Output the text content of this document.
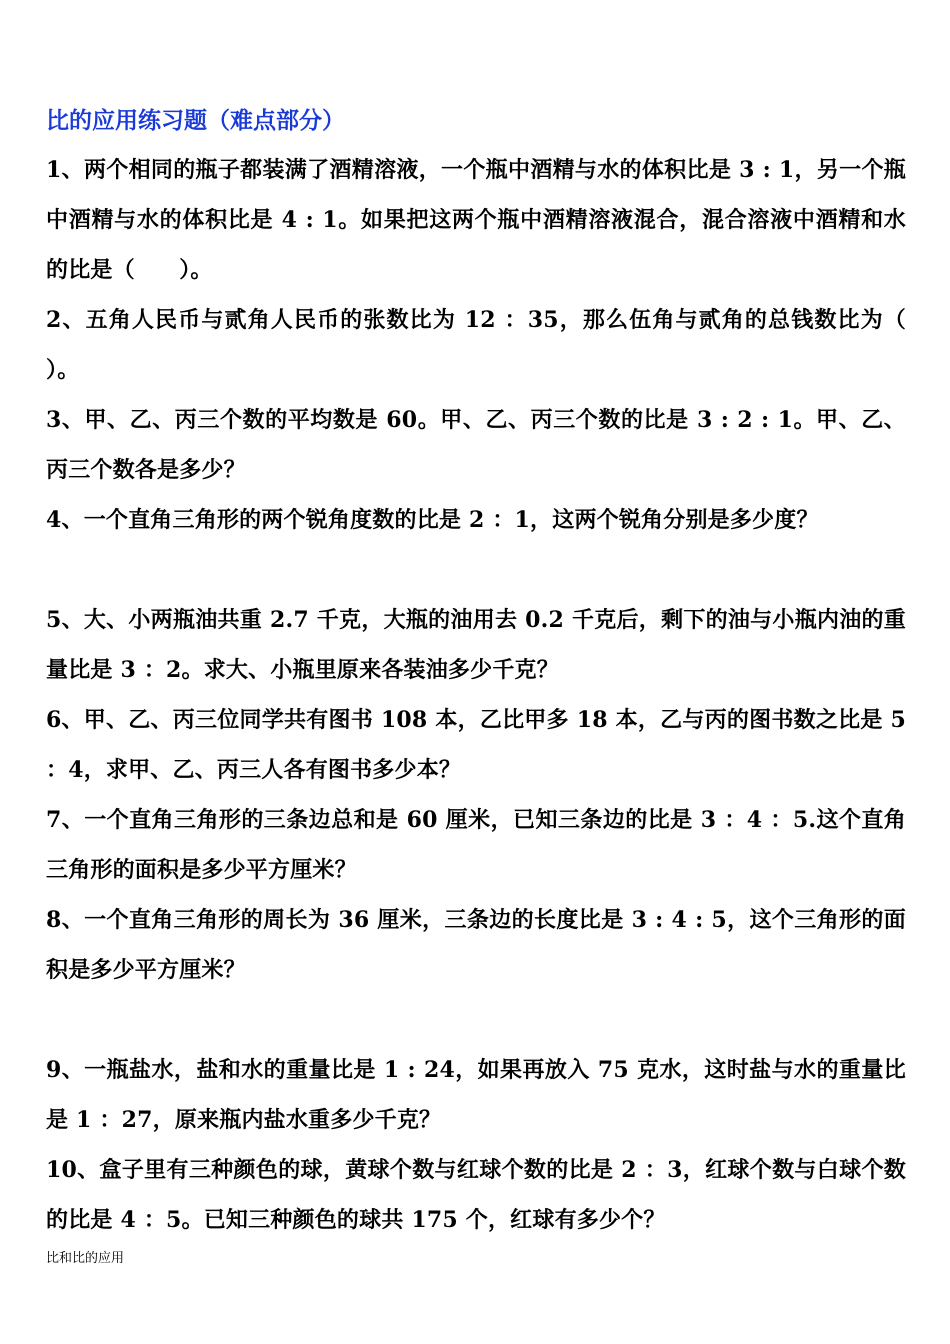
比的应用练习题（难点部分）

1、两个相同的瓶子都装满了酒精溶液，一个瓶中酒精与水的体积比是 3 : 1，另一个瓶中酒精与水的体积比是 4 : 1。如果把这两个瓶中酒精溶液混合，混合溶液中酒精和水的比是（　　）。

2、五角人民币与贰角人民币的张数比为 12 ：35，那么伍角与贰角的总钱数比为（ ）。

3、甲、乙、丙三个数的平均数是 60。甲、乙、丙三个数的比是 3 : 2 : 1。甲、乙、丙三个数各是多少？

4、一个直角三角形的两个锐角度数的比是 2 ：1，这两个锐角分别是多少度？

5、大、小两瓶油共重 2.7 千克，大瓶的油用去 0.2 千克后，剩下的油与小瓶内油的重量比是 3 ：2。求大、小瓶里原来各装油多少千克？

6、甲、乙、丙三位同学共有图书 108 本，乙比甲多 18 本，乙与丙的图书数之比是 5 ：4，求甲、乙、丙三人各有图书多少本？

7、一个直角三角形的三条边总和是 60 厘米，已知三条边的比是 3 ：4 ：5.这个直角三角形的面积是多少平方厘米？

8、一个直角三角形的周长为 36 厘米，三条边的长度比是 3 : 4 : 5，这个三角形的面积是多少平方厘米？

9、一瓶盐水，盐和水的重量比是 1 : 24，如果再放入 75 克水，这时盐与水的重量比是 1 ：27，原来瓶内盐水重多少千克？

10、盒子里有三种颜色的球，黄球个数与红球个数的比是 2 ：3，红球个数与白球个数的比是 4 ：5。已知三种颜色的球共 175 个，红球有多少个？

比和比的应用
